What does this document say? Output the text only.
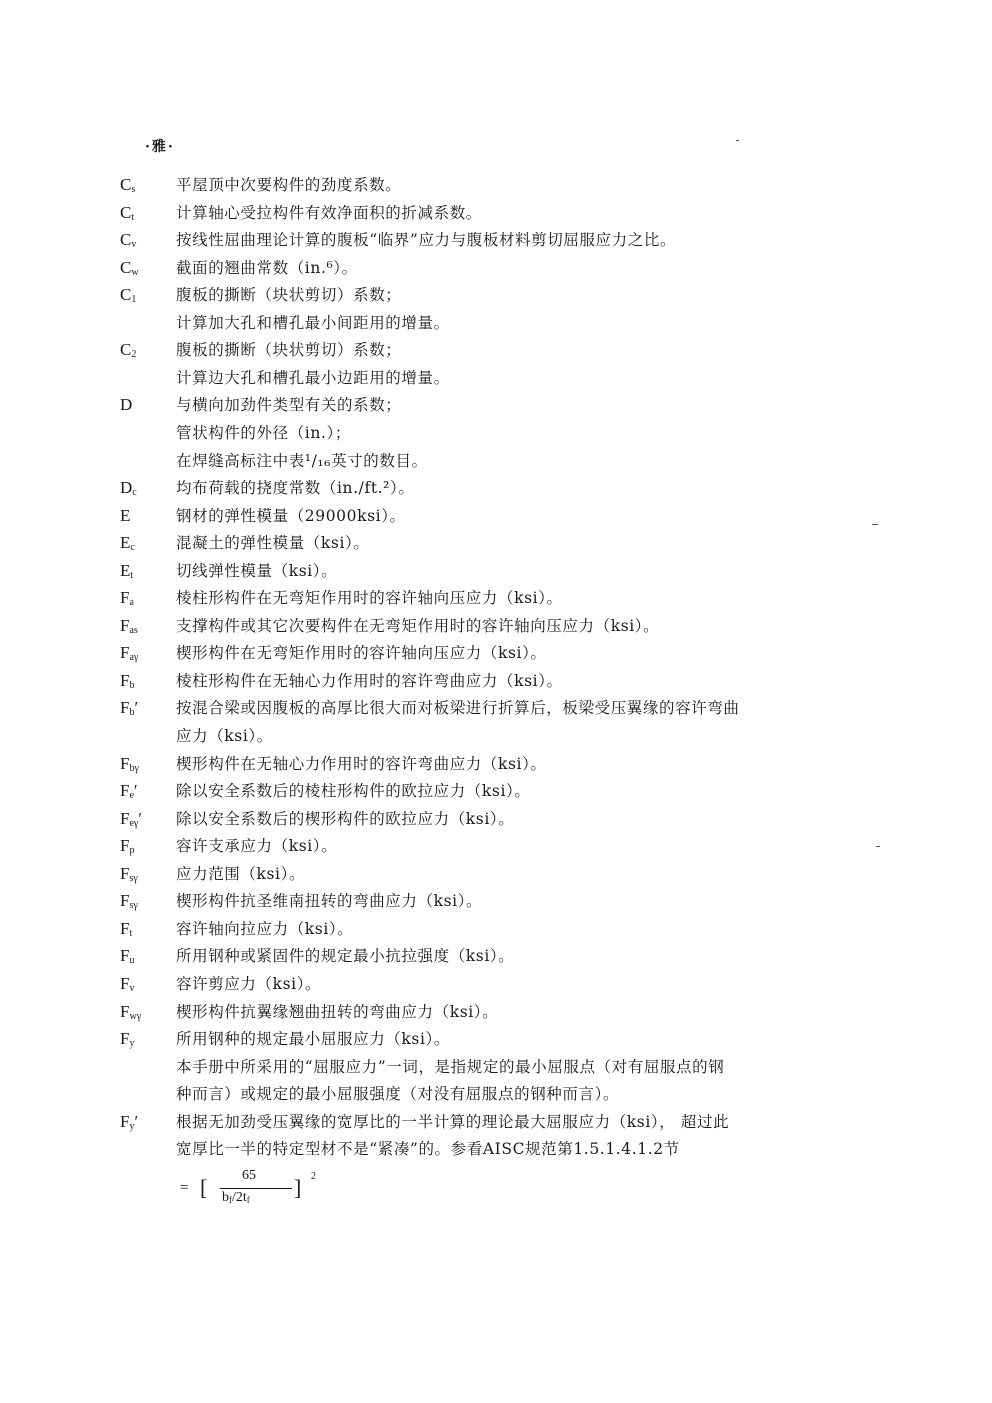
·雅·
$C_s$	平屋顶中次要构件的劲度系数。
$C_t$	计算轴心受拉构件有效净面积的折减系数。
$C_v$	按线性屈曲理论计算的腹板“临界”应力与腹板材料剪切屈服应力之比。
$C_w$ 截面的翘曲常数（in.⁶）。
$C_1$	腹板的撕断（块状剪切）系数；
计算加大孔和槽孔最小间距用的增量。
$C_2$	腹板的撕断（块状剪切）系数；
计算边大孔和槽孔最小边距用的增量。
D	与横向加劲件类型有关的系数；
管状构件的外径（in.）；
在焊缝高标注中表¹/₁₆英寸的数目。
$D_c$	均布荷载的挠度常数（in./ft.²）。
E	钢材的弹性模量（29000ksi）。
$E_c$	混凝土的弹性模量（ksi）。
$E_t$	切线弹性模量（ksi）。
$F_a$	棱柱形构件在无弯矩作用时的容许轴向压应力（ksi）。
$F_{as}$ 支撑构件或其它次要构件在无弯矩作用时的容许轴向压应力（ksi）。
$F_{a\gamma}$ 楔形构件在无弯矩作用时的容许轴向压应力（ksi）。
$F_b$	棱柱形构件在无轴心力作用时的容许弯曲应力（ksi）。
$F_b'$ 按混合梁或因腹板的高厚比很大而对板梁进行折算后，板梁受压翼缘的容许弯曲
应力（ksi）。
$F_{b\gamma}$ 楔形构件在无轴心力作用时的容许弯曲应力（ksi）。
$F_e'$ 除以安全系数后的棱柱形构件的欧拉应力（ksi）。
$F_{e\gamma}'$ 除以安全系数后的楔形构件的欧拉应力（ksi）。
$F_p$	容许支承应力（ksi）。
$F_{s\gamma}$ 应力范围（ksi）。
$F_{s\gamma}$ 楔形构件抗圣维南扭转的弯曲应力（ksi）。
$F_t$	容许轴向拉应力（ksi）。
$F_u$	所用钢种或紧固件的规定最小抗拉强度（ksi）。
$F_v$	容许剪应力（ksi）。
$F_{w\gamma}$ 楔形构件抗翼缘翘曲扭转的弯曲应力（ksi）。
$F_y$	所用钢种的规定最小屈服应力（ksi）。
本手册中所采用的“屈服应力”一词，是指规定的最小屈服点（对有屈服点的钢
种而言）或规定的最小屈服强度（对没有屈服点的钢种而言）。
$F_y'$ 根据无加劲受压翼缘的宽厚比的一半计算的理论最大屈服应力（ksi）， 超过此
宽厚比一半的特定型材不是“紧凑”的。参看AISC规范第1.5.1.4.1.2节
= [ 65
$b_f/2t_f$ ] 2
